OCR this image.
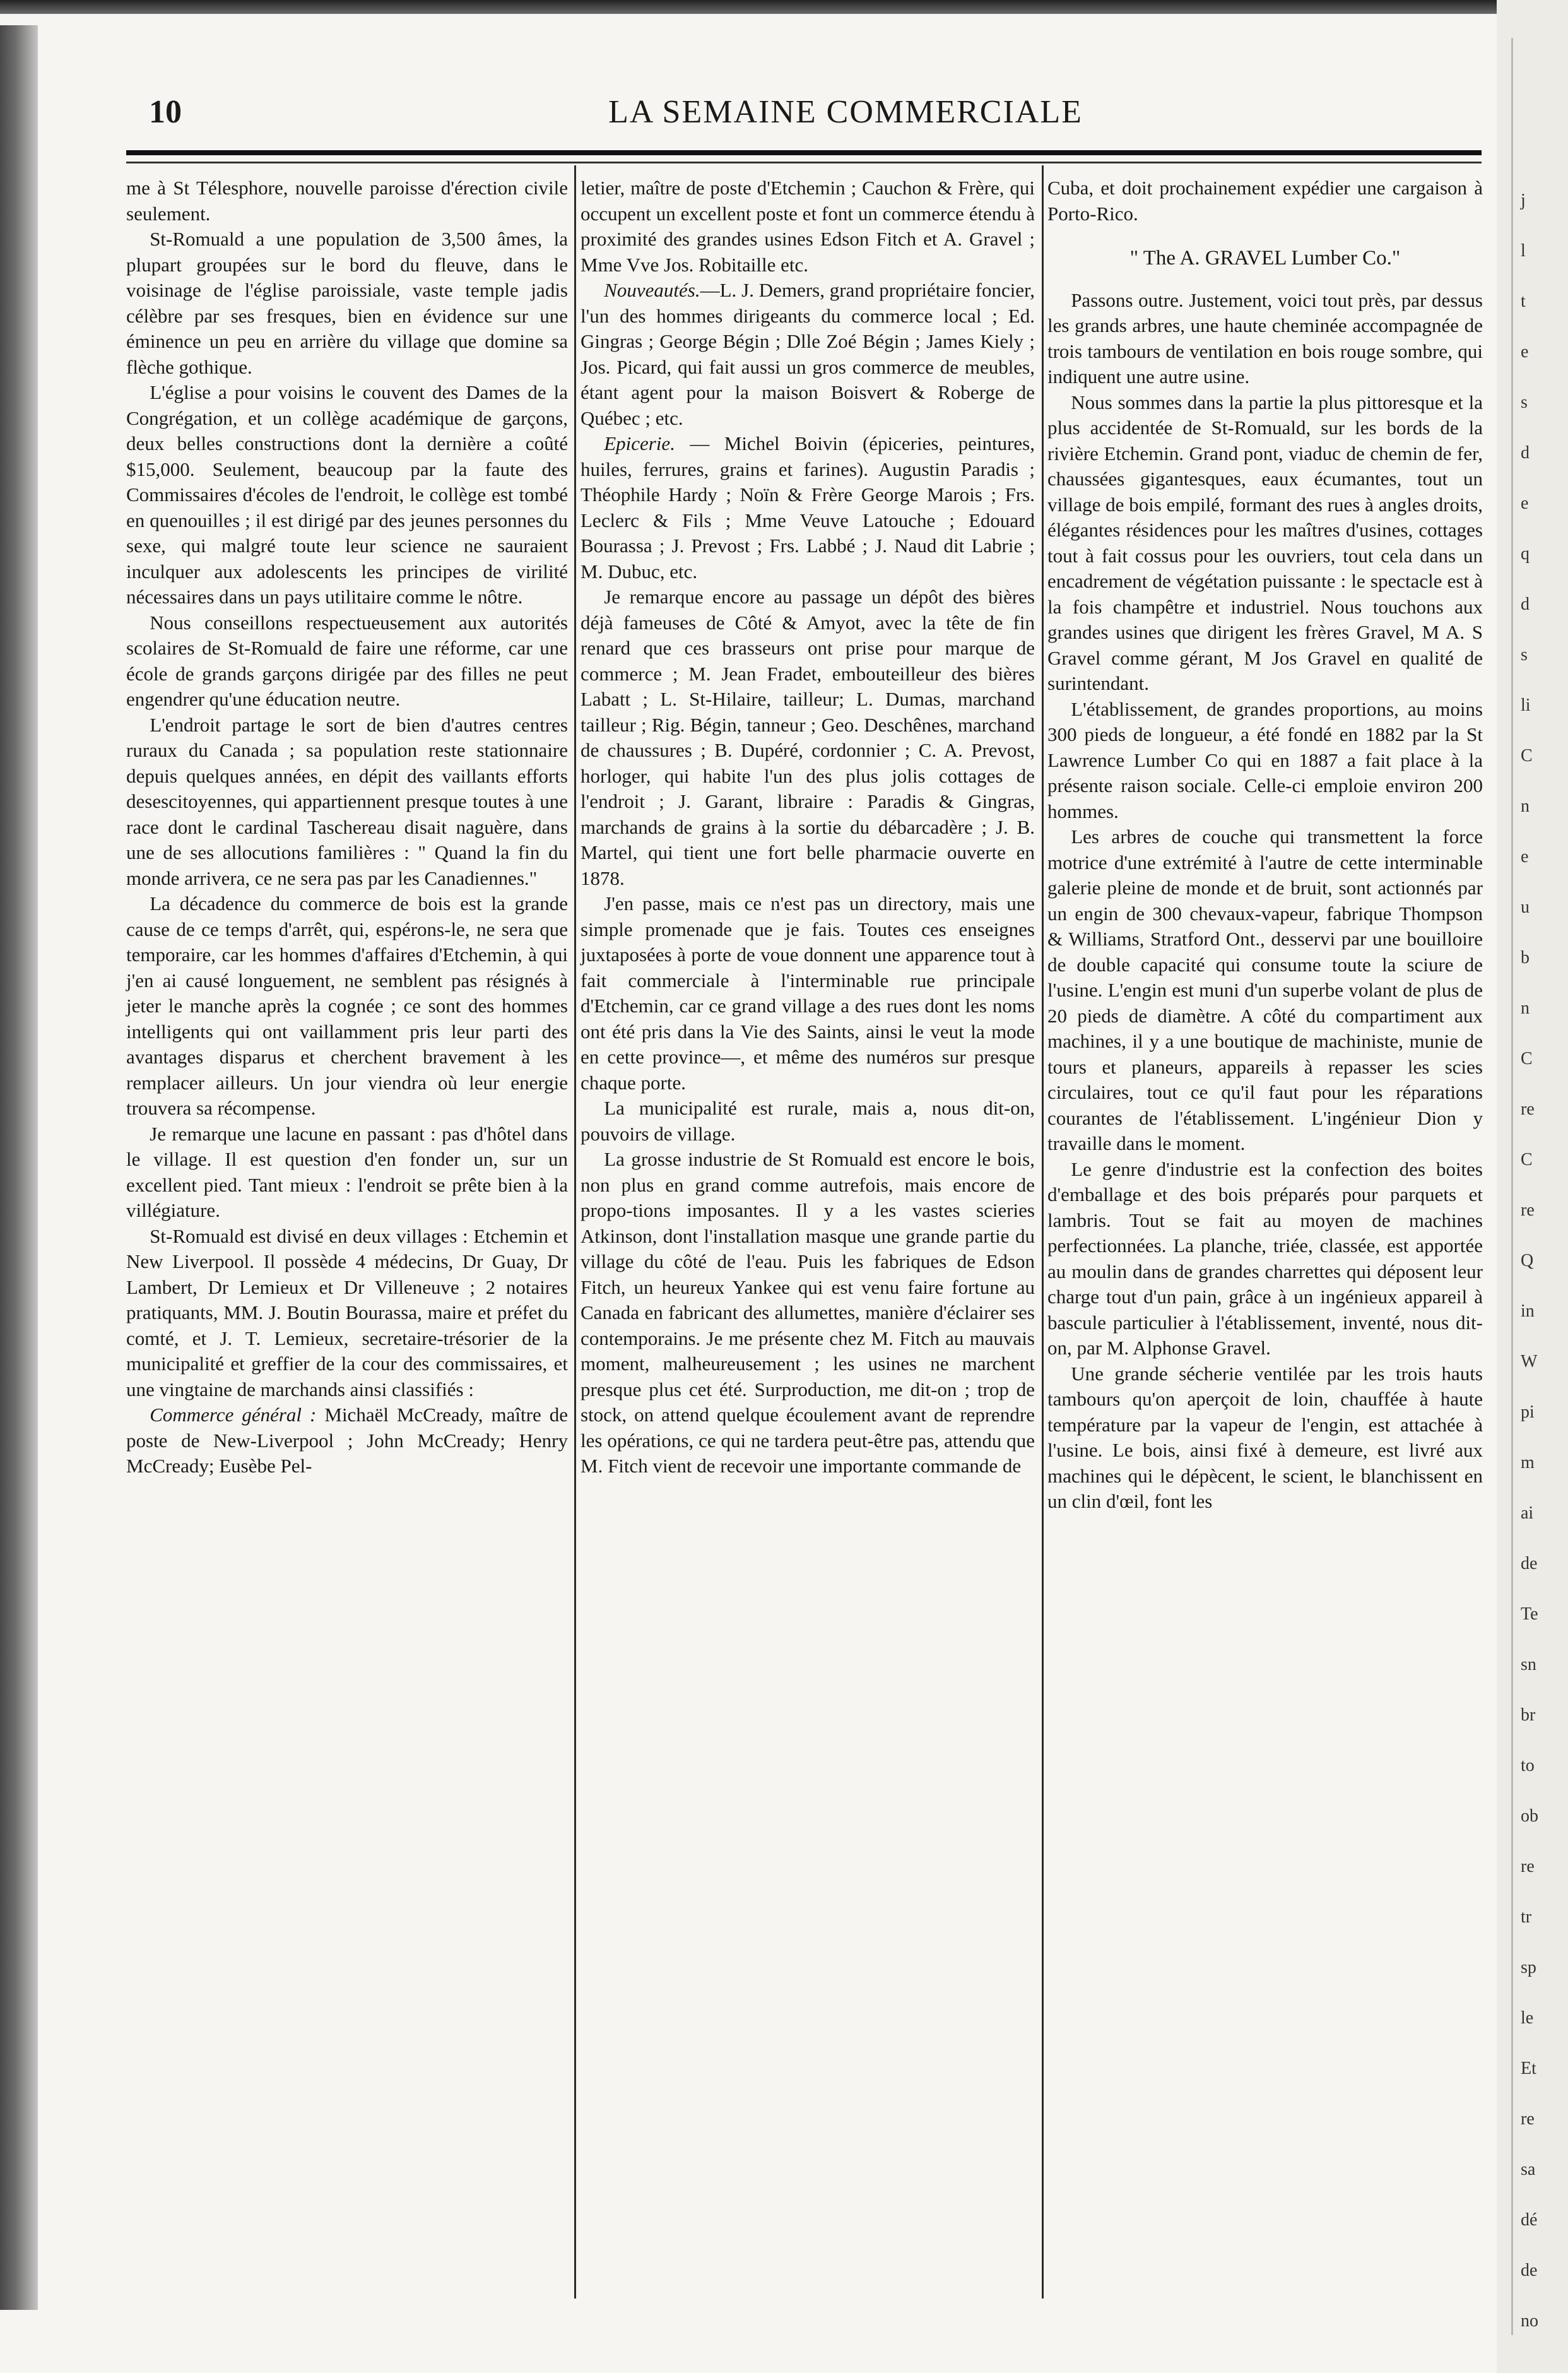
10	LA SEMAINE COMMERCIALE

me à St Télesphore, nouvelle paroisse d'érection civile seulement.

St-Romuald a une population de 3,500 âmes, la plupart groupées sur le bord du fleuve, dans le voisinage de l'église paroissiale, vaste temple jadis célèbre par ses fresques, bien en évidence sur une éminence un peu en arrière du village que domine sa flèche gothique.

L'église a pour voisins le couvent des Dames de la Congrégation, et un collège académique de garçons, deux belles constructions dont la dernière a coûté $15,000. Seulement, beaucoup par la faute des Commissaires d'écoles de l'endroit, le collège est tombé en quenouilles ; il est dirigé par des jeunes personnes du sexe, qui malgré toute leur science ne sauraient inculquer aux adolescents les principes de virilité nécessaires dans un pays utilitaire comme le nôtre.

Nous conseillons respectueusement aux autorités scolaires de St-Romuald de faire une réforme, car une école de grands garçons dirigée par des filles ne peut engendrer qu'une éducation neutre.

L'endroit partage le sort de bien d'autres centres ruraux du Canada ; sa population reste stationnaire depuis quelques années, en dépit des vaillants efforts desescitoyennes, qui appartiennent presque toutes à une race dont le cardinal Taschereau disait naguère, dans une de ses allocutions familières : " Quand la fin du monde arrivera, ce ne sera pas par les Canadiennes."

La décadence du commerce de bois est la grande cause de ce temps d'arrêt, qui, espérons-le, ne sera que temporaire, car les hommes d'affaires d'Etchemin, à qui j'en ai causé longuement, ne semblent pas résignés à jeter le manche après la cognée ; ce sont des hommes intelligents qui ont vaillamment pris leur parti des avantages disparus et cherchent bravement à les remplacer ailleurs. Un jour viendra où leur energie trouvera sa récompense.

Je remarque une lacune en passant : pas d'hôtel dans le village. Il est question d'en fonder un, sur un excellent pied. Tant mieux : l'endroit se prête bien à la villégiature.

St-Romuald est divisé en deux villages : Etchemin et New Liverpool. Il possède 4 médecins, Dr Guay, Dr Lambert, Dr Lemieux et Dr Villeneuve ; 2 notaires pratiquants, MM. J. Boutin Bourassa, maire et préfet du comté, et J. T. Lemieux, secretaire-trésorier de la municipalité et greffier de la cour des commissaires, et une vingtaine de marchands ainsi classifiés :

Commerce général : Michaël McCready, maître de poste de New-Liverpool ; John McCready; Henry McCready; Eusèbe Pel-

letier, maître de poste d'Etchemin ; Cauchon & Frère, qui occupent un excellent poste et font un commerce étendu à proximité des grandes usines Edson Fitch et A. Gravel ; Mme Vve Jos. Robitaille etc.

Nouveautés.—L. J. Demers, grand propriétaire foncier, l'un des hommes dirigeants du commerce local ; Ed. Gingras ; George Bégin ; Dlle Zoé Bégin ; James Kiely ; Jos. Picard, qui fait aussi un gros commerce de meubles, étant agent pour la maison Boisvert & Roberge de Québec ; etc.

Epicerie. — Michel Boivin (épiceries, peintures, huiles, ferrures, grains et farines). Augustin Paradis ; Théophile Hardy ; Noïn & Frère George Marois ; Frs. Leclerc & Fils ; Mme Veuve Latouche ; Edouard Bourassa ; J. Prevost ; Frs. Labbé ; J. Naud dit Labrie ; M. Dubuc, etc.

Je remarque encore au passage un dépôt des bières déjà fameuses de Côté & Amyot, avec la tête de fin renard que ces brasseurs ont prise pour marque de commerce ; M. Jean Fradet, embouteilleur des bières Labatt ; L. St-Hilaire, tailleur; L. Dumas, marchand tailleur ; Rig. Bégin, tanneur ; Geo. Deschênes, marchand de chaussures ; B. Dupéré, cordonnier ; C. A. Prevost, horloger, qui habite l'un des plus jolis cottages de l'endroit ; J. Garant, libraire : Paradis & Gingras, marchands de grains à la sortie du débarcadère ; J. B. Martel, qui tient une fort belle pharmacie ouverte en 1878.

J'en passe, mais ce n'est pas un directory, mais une simple promenade que je fais. Toutes ces enseignes juxtaposées à porte de voue donnent une apparence tout à fait commerciale à l'interminable rue principale d'Etchemin, car ce grand village a des rues dont les noms ont été pris dans la Vie des Saints, ainsi le veut la mode en cette province—, et même des numéros sur presque chaque porte.

La municipalité est rurale, mais a, nous dit-on, pouvoirs de village.

La grosse industrie de St Romuald est encore le bois, non plus en grand comme autrefois, mais encore de propo-tions imposantes. Il y a les vastes scieries Atkinson, dont l'installation masque une grande partie du village du côté de l'eau. Puis les fabriques de Edson Fitch, un heureux Yankee qui est venu faire fortune au Canada en fabricant des allumettes, manière d'éclairer ses contemporains. Je me présente chez M. Fitch au mauvais moment, malheureusement ; les usines ne marchent presque plus cet été. Surproduction, me dit-on ; trop de stock, on attend quelque écoulement avant de reprendre les opérations, ce qui ne tardera peut-être pas, attendu que M. Fitch vient de recevoir une importante commande de

Cuba, et doit prochainement expédier une cargaison à Porto-Rico.

" The A. GRAVEL Lumber Co."

Passons outre. Justement, voici tout près, par dessus les grands arbres, une haute cheminée accompagnée de trois tambours de ventilation en bois rouge sombre, qui indiquent une autre usine.

Nous sommes dans la partie la plus pittoresque et la plus accidentée de St-Romuald, sur les bords de la rivière Etchemin. Grand pont, viaduc de chemin de fer, chaussées gigantesques, eaux écumantes, tout un village de bois empilé, formant des rues à angles droits, élégantes résidences pour les maîtres d'usines, cottages tout à fait cossus pour les ouvriers, tout cela dans un encadrement de végétation puissante : le spectacle est à la fois champêtre et industriel. Nous touchons aux grandes usines que dirigent les frères Gravel, M A. S Gravel comme gérant, M Jos Gravel en qualité de surintendant.

L'établissement, de grandes proportions, au moins 300 pieds de longueur, a été fondé en 1882 par la St Lawrence Lumber Co qui en 1887 a fait place à la présente raison sociale. Celle-ci emploie environ 200 hommes.

Les arbres de couche qui transmettent la force motrice d'une extrémité à l'autre de cette interminable galerie pleine de monde et de bruit, sont actionnés par un engin de 300 chevaux-vapeur, fabrique Thompson & Williams, Stratford Ont., desservi par une bouilloire de double capacité qui consume toute la sciure de l'usine. L'engin est muni d'un superbe volant de plus de 20 pieds de diamètre. A côté du compartiment aux machines, il y a une boutique de machiniste, munie de tours et planeurs, appareils à repasser les scies circulaires, tout ce qu'il faut pour les réparations courantes de l'établissement. L'ingénieur Dion y travaille dans le moment.

Le genre d'industrie est la confection des boites d'emballage et des bois préparés pour parquets et lambris. Tout se fait au moyen de machines perfectionnées. La planche, triée, classée, est apportée au moulin dans de grandes charrettes qui déposent leur charge tout d'un pain, grâce à un ingénieux appareil à bascule particulier à l'établissement, inventé, nous dit-on, par M. Alphonse Gravel.

Une grande sécherie ventilée par les trois hauts tambours qu'on aperçoit de loin, chauffée à haute température par la vapeur de l'engin, est attachée à l'usine. Le bois, ainsi fixé à demeure, est livré aux machines qui le dépècent, le scient, le blanchissent en un clin d'œil, font les

j
l
t
e
s
d
e
q
d
s
li
C
n
e
u
b
n
C
re
C
re
Q
in
W
pi
m
ai
de
Te
sn
br
to
ob
re
tr
sp
le
Et
re
sa
dé
de
no
